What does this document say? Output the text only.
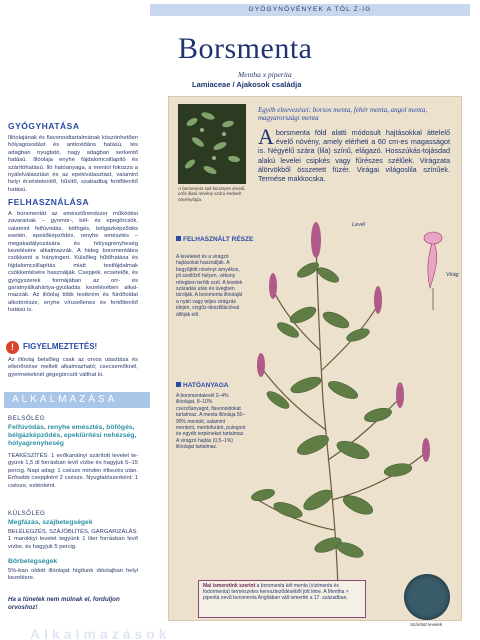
GYÓGYNÖVÉNYEK A TÓL Z-IG
Borsmenta
Mentha x piperita
Lamiaceae / Ajakosok családja
GYÓGYHATÁSA
Illóolajának és flavonoidtartalmának köszönhetően hólyagosodást és antioxidáns hatású, tés adagban nyugtató, nagy adagban serkentő hatású. Illóolaja enyhe fájdalomcsillapító és szárítóhatású. Iló hatóanyaga, a mentol fokozza a nyálelválasztást és az epekiválasztást, valamint helyi érzéstelenítő, hűsítő, szabadbaj fertőtlenítő hatású.
FELHASZNÁLÁSA
A borsmentát az emésztőrendszer működési zavarainak – gyomor-, bél- és epegörcsök, valamint felfúvódás, böfögés, bélgázképződés esetén, epekőképződés, renyhe emésztés – megakadályozására és hólyagrenyheség kezelésére alkalmazzák. A hideg borsmentátea csökkenti a hányingert. Külsőleg hűtőhatása és fájdalomcsillapítás miatt testfájdalmak csökkentésére használják. Csepjeik, ecsetelők, és gyógyszerek formájában az orr- és garatnyálkahártya-gyulladás kezelésében alkalmazzák. Az illóolaj több testkrém és fürdőoldat alkotórésze, enyhe vírusellenes és fertőtlenítő hatású is.
!	FIGYELMEZTETÉS!
Az illóolaj belsőleg csak az orvos utasítása és ellenőrzése mellett alkalmazható; csecsemőknél, gyermekeknél gégegörcsöt válthat ki.
ALKALMAZÁSA
BELSŐLEG
Felfúvódás, renyhe emésztés, böfögés, bélgázképződés, epekiürítési nehézség, hólyagrenyheség
TEAKÉSZÍTÉS: 1 evőkanálnyi szárított levelet tegyünk 1,5 dl forrásban levő vízbe és hagyjuk 5–15 percig. Napi adag: 1 csésze minden étkezés után. Erősebb cseppként 2 csésze. Nyugtatószerként: 1 csésze, esténként.
KÜLSŐLEG
Megfázás, szájbetegségek
BELÉLEGZÉS, SZÁJÖBLÍTÉS, GARGARIZÁLÁS: 1 marokkyi levelet tegyünk 1 liter forrásban levő vízbe, és hagyjuk 5 percig.
Bőrbetegségek
5%-ban oldott illóolajat hígítunk dióolajban helyi kezelésre.
Ha a tünetek nem múlnak el, forduljon orvoshoz!
A borsmenta sok kicsinyes levelű, erős illatú növény szára kedvelt növényfajta.
Egyéb elnevezései: borsos menta, fehér menta, angol menta, magyarországi menta
A borsmenta föld alatti módosult hajtásokkal áttelelő évelő növény, amely elérheti a 60 cm-es magasságot is. Négyélű szára (lila) színű, elágazó. Hosszúkás-tojásdad alakú levelei csipkés vagy fűrészes szélűek. Virágzata álörvökből összetett füzér. Virágai világoslila színűek. Termése makkocska.
FELHASZNÁLT RÉSZE
A leveleket és a virágzó hajtásokat használják. A begyűjtött növényt árnyékos, jól szellőző helyen, vékony rétegben terítik szét. A levelek száradás után és üvegben tárolják. A borsmenta illóolaját a nyári vagy teljes virágzás idején, vízgőz-desztillációval állítják elő.
HATÓANYAGA
A borsmentalevél 2–4% illóolajat, 8–10% cserzőanyagot, flavonoidokat tartalmaz. A menta illóolaja 50–90% mentolt, valamint mentont, mentofuránt, pulegont és egyéb terpéneket tartalmaz. A virágzó hajtás (0,5–1%) illóolajat tartalmaz.
Levél
Virág
Mai ismeretink szerint a borsmenta két menta (vízimenta és fodormenta) természetes kereszteződéséből jött létre. A Mentha × piperita nevű borsmenta Angliában vált ismertté a 17. században.
Szárított levelek
Alkalmazások
